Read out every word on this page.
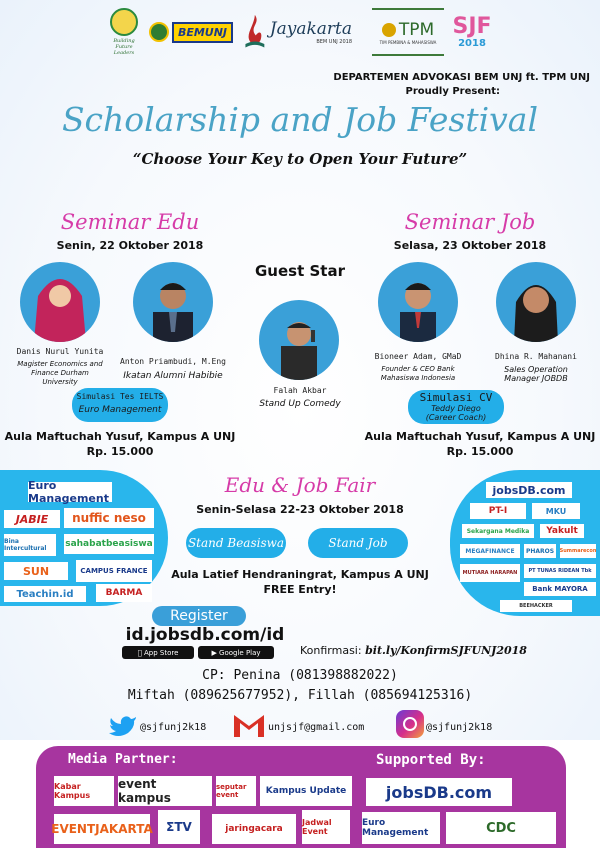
Building Future Leaders
BEMUNJ	Jayakarta
BEM UNJ 2018
TPM
TIM PEMBINA & MAHASISWA
SJF
2018
DEPARTEMEN ADVOKASI BEM UNJ ft. TPM UNJ
Proudly Present:
Scholarship and Job Festival
“Choose Your Key to Open Your Future”
Seminar Edu
Senin, 22 Oktober 2018
Danis Nurul Yunita
Magister Economics and Finance Durham University
Anton Priambudi, M.Eng
Ikatan Alumni Habibie
Simulasi Tes IELTS
Euro Management
Aula Maftuchah Yusuf, Kampus A UNJ
Rp. 15.000
Guest Star
Falah Akbar
Stand Up Comedy
Seminar Job
Selasa, 23 Oktober 2018
Bioneer Adam, GMaD
Founder & CEO Bank Mahasiswa Indonesia
Dhina R. Mahanani
Sales Operation Manager JOBDB
Simulasi CV
Teddy Diego
(Career Coach)
Aula Maftuchah Yusuf, Kampus A UNJ
Rp. 15.000
Edu & Job Fair
Senin-Selasa 22-23 Oktober 2018
Stand Beasiswa	Stand Job
Aula Latief Hendraningrat, Kampus A UNJ
FREE Entry!
Euro Management
JABIE	nuffic neso
Bina Intercultural	sahabatbeasiswa
SUN	CAMPUS FRANCE
Teachin.id	BARMA
jobsDB.com
PT-I	MKU
Sekargana Medika	Yakult
MEGAFINANCE	PHAROS	Summarecon
MUTIARA HARAPAN	PT TUNAS RIDEAN Tbk
Bank MAYORA
BEEHACKER
Register
id.jobsdb.com/id
App Store	▶ Google Play	Konfirmasi: bit.ly/KonfirmSJFUNJ2018
CP: Penina (081398882022)
Miftah (089625677952), Fillah (085694125316)
@sjfunj2k18	unjsjf@gmail.com	@sjfunj2k18
Media Partner:	Supported By:
Kabar Kampus
event kampus
seputar event	Kampus Update
EVENTJAKARTA	ΣTV	jaringacara
Jadwal Event
jobsDB.com
Euro Management	CDC
